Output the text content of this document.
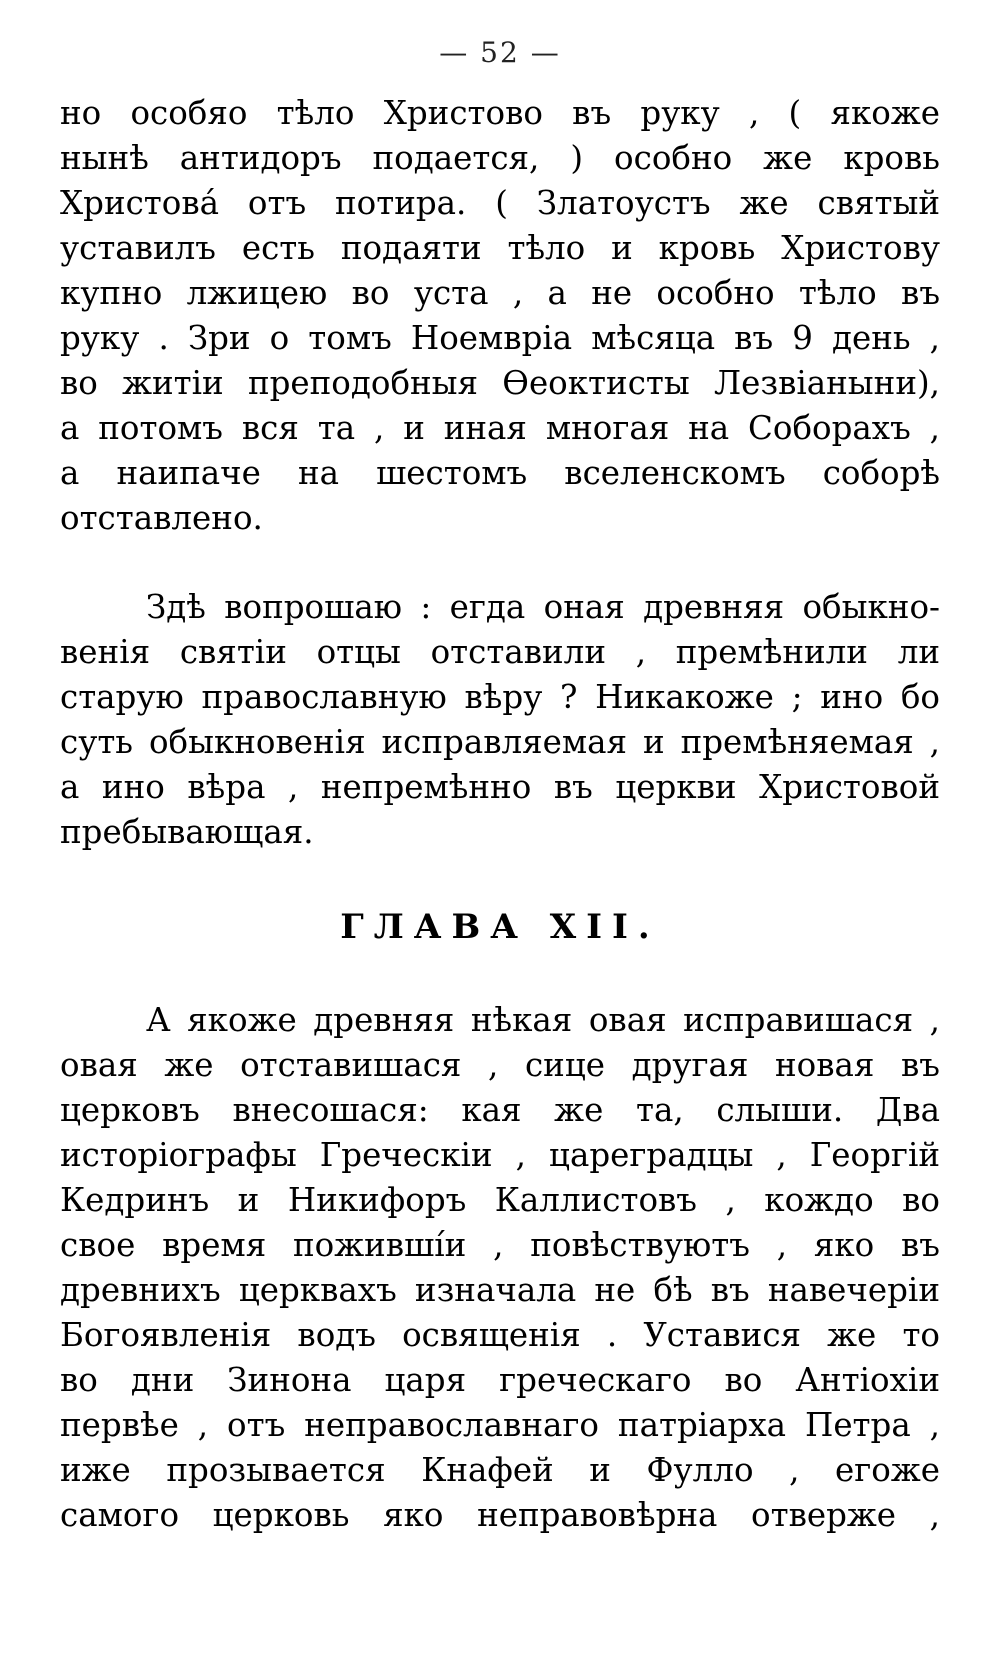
— 52 —
но особяо тѣло Христово въ руку , ( якоже
нынѣ антидоръ подается, ) особно же кровь
Христова́ отъ потира. ( Златоустъ же святый
уставилъ есть подаяти тѣло и кровь Христову
купно лжицею во уста , а не особно тѣло въ
руку . Зри о томъ Ноемвріа мѣсяца въ 9 день ,
во житіи преподобныя Ѳеоктисты Лезвіаныни),
а потомъ вся та , и иная многая на Соборахъ ,
а наипаче на шестомъ вселенскомъ соборѣ
отставлено.
Здѣ вопрошаю : егда оная древняя обыкно-
венія святіи отцы отставили , премѣнили ли
старую православную вѣру ? Никакоже ; ино бо
суть обыкновенія исправляемая и премѣняемая ,
а ино вѣра , непремѣнно въ церкви Христовой
пребывающая.
ГЛАВА XII.
А якоже древняя нѣкая овая исправишася ,
овая же отставишася , сице другая новая въ
церковъ внесошася: кая же та, слыши. Два
исторіографы Греческіи , цареградцы , Георгій
Кедринъ и Никифоръ Каллистовъ , кождо во
свое время поживші́и , повѣствуютъ , яко въ
древнихъ церквахъ изначала не бѣ въ навечеріи
Богоявленія водъ освященія . Уставися же то
во дни Зинона царя греческаго во Антіохіи
первѣе , отъ неправославнаго патріарха Петра ,
иже прозывается Кнафей и Фулло , егоже
самого церковь яко неправовѣрна отверже ,
